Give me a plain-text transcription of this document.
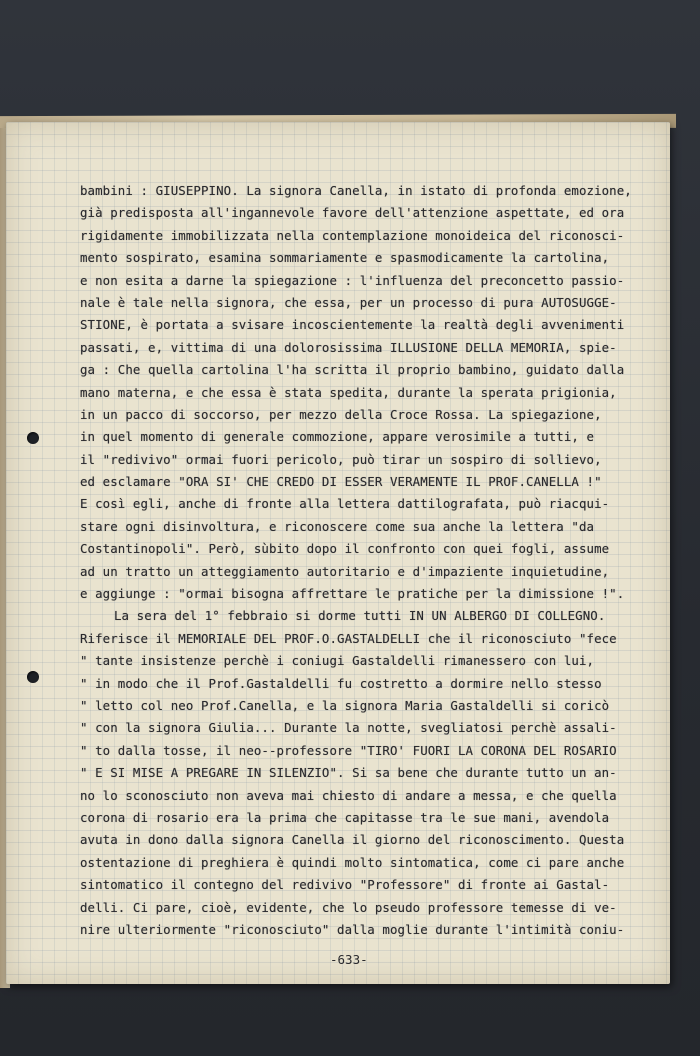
bambini : GIUSEPPINO. La signora Canella, in istato di profonda emozione,
già predisposta all'ingannevole favore dell'attenzione aspettate, ed ora
rigidamente immobilizzata nella contemplazione monoideica del riconosci-
mento sospirato, esamina sommariamente e spasmodicamente la cartolina,
e non esita a darne la spiegazione : l'influenza del preconcetto passio-
nale è tale nella signora, che essa, per un processo di pura AUTOSUGGE-
STIONE, è portata a svisare incoscientemente la realtà degli avvenimenti
passati, e, vittima di una dolorosissima ILLUSIONE DELLA MEMORIA, spie-
ga : Che quella cartolina l'ha scritta il proprio bambino, guidato dalla
mano materna, e che essa è stata spedita, durante la sperata prigionia,
in un pacco di soccorso, per mezzo della Croce Rossa. La spiegazione,
in quel momento di generale commozione, appare verosimile a tutti, e
il "redivivo" ormai fuori pericolo, può tirar un sospiro di sollievo,
ed esclamare "ORA SI' CHE CREDO DI ESSER VERAMENTE IL PROF.CANELLA !"
E così egli, anche di fronte alla lettera dattilografata, può riacqui-
stare ogni disinvoltura, e riconoscere come sua anche la lettera "da
Costantinopoli". Però, sùbito dopo il confronto con quei fogli, assume
ad un tratto un atteggiamento autoritario e d'impaziente inquietudine,
e aggiunge : "ormai bisogna affrettare le pratiche per la dimissione !".
La sera del 1° febbraio si dorme tutti IN UN ALBERGO DI COLLEGNO.
Riferisce il MEMORIALE DEL PROF.O.GASTALDELLI che il riconosciuto "fece
" tante insistenze perchè i coniugi Gastaldelli rimanessero con lui,
" in modo che il Prof.Gastaldelli fu costretto a dormire nello stesso
" letto col neo Prof.Canella, e la signora Maria Gastaldelli si coricò
" con la signora Giulia... Durante la notte, svegliatosi perchè assali-
" to dalla tosse, il neo--professore "TIRO' FUORI LA CORONA DEL ROSARIO
" E SI MISE A PREGARE IN SILENZIO". Si sa bene che durante tutto un an-
no lo sconosciuto non aveva mai chiesto di andare a messa, e che quella
corona di rosario era la prima che capitasse tra le sue mani, avendola
avuta in dono dalla signora Canella il giorno del riconoscimento. Questa
ostentazione di preghiera è quindi molto sintomatica, come ci pare anche
sintomatico il contegno del redivivo "Professore" di fronte ai Gastal-
delli. Ci pare, cioè, evidente, che lo pseudo professore temesse di ve-
nire ulteriormente "riconosciuto" dalla moglie durante l'intimità coniu-
-633-
